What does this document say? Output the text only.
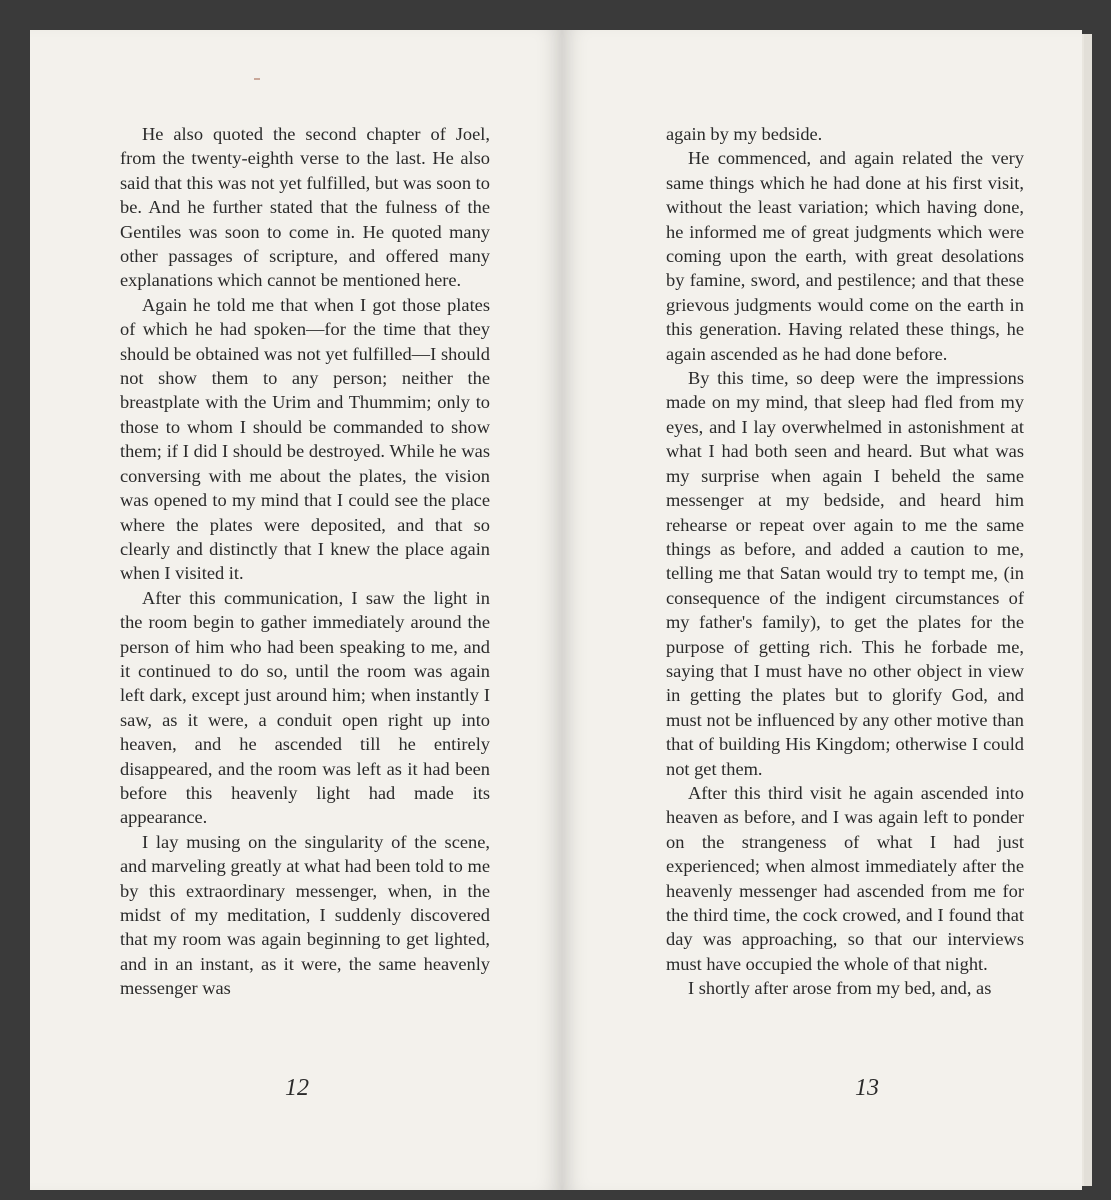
He also quoted the second chapter of Joel, from the twenty-eighth verse to the last. He also said that this was not yet fulfilled, but was soon to be. And he further stated that the fulness of the Gentiles was soon to come in. He quoted many other passages of scripture, and offered many explanations which cannot be mentioned here.

Again he told me that when I got those plates of which he had spoken—for the time that they should be obtained was not yet fulfilled—I should not show them to any person; neither the breastplate with the Urim and Thummim; only to those to whom I should be commanded to show them; if I did I should be destroyed. While he was conversing with me about the plates, the vision was opened to my mind that I could see the place where the plates were deposited, and that so clearly and distinctly that I knew the place again when I visited it.

After this communication, I saw the light in the room begin to gather immediately around the person of him who had been speaking to me, and it continued to do so, until the room was again left dark, except just around him; when instantly I saw, as it were, a conduit open right up into heaven, and he ascended till he entirely disappeared, and the room was left as it had been before this heavenly light had made its appearance.

I lay musing on the singularity of the scene, and marveling greatly at what had been told to me by this extraordinary messenger, when, in the midst of my meditation, I suddenly discovered that my room was again beginning to get lighted, and in an instant, as it were, the same heavenly messenger was

12

again by my bedside.

He commenced, and again related the very same things which he had done at his first visit, without the least variation; which having done, he informed me of great judgments which were coming upon the earth, with great desolations by famine, sword, and pestilence; and that these grievous judgments would come on the earth in this generation. Having related these things, he again ascended as he had done before.

By this time, so deep were the impressions made on my mind, that sleep had fled from my eyes, and I lay overwhelmed in astonishment at what I had both seen and heard. But what was my surprise when again I beheld the same messenger at my bedside, and heard him rehearse or repeat over again to me the same things as before, and added a caution to me, telling me that Satan would try to tempt me, (in consequence of the indigent circumstances of my father's family), to get the plates for the purpose of getting rich. This he forbade me, saying that I must have no other object in view in getting the plates but to glorify God, and must not be influenced by any other motive than that of building His Kingdom; otherwise I could not get them.

After this third visit he again ascended into heaven as before, and I was again left to ponder on the strangeness of what I had just experienced; when almost immediately after the heavenly messenger had ascended from me for the third time, the cock crowed, and I found that day was approaching, so that our interviews must have occupied the whole of that night.

I shortly after arose from my bed, and, as

13
